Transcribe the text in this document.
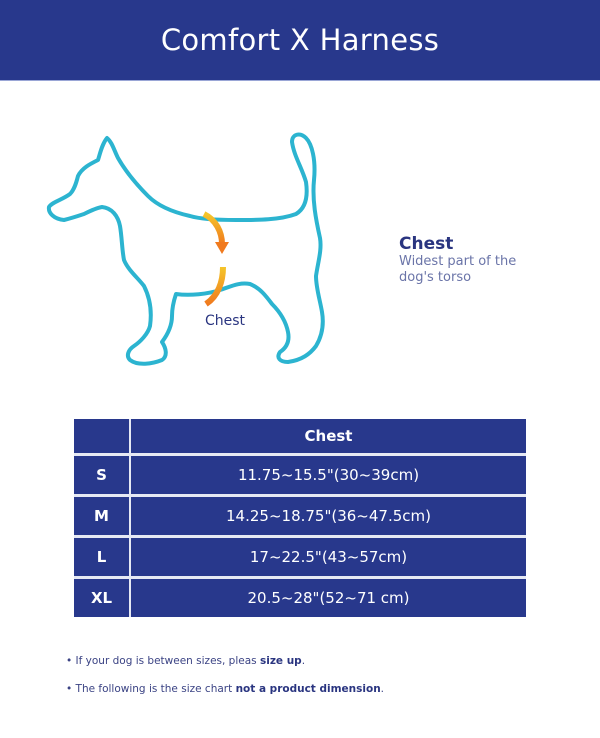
Comfort X Harness
Chest
Chest
Widest part of the
dog's torso
	Chest
S	11.75~15.5"(30~39cm)
M	14.25~18.75"(36~47.5cm)
L	17~22.5"(43~57cm)
XL	20.5~28"(52~71 cm)
• If your dog is between sizes, pleas size up.
• The following is the size chart not a product dimension.
